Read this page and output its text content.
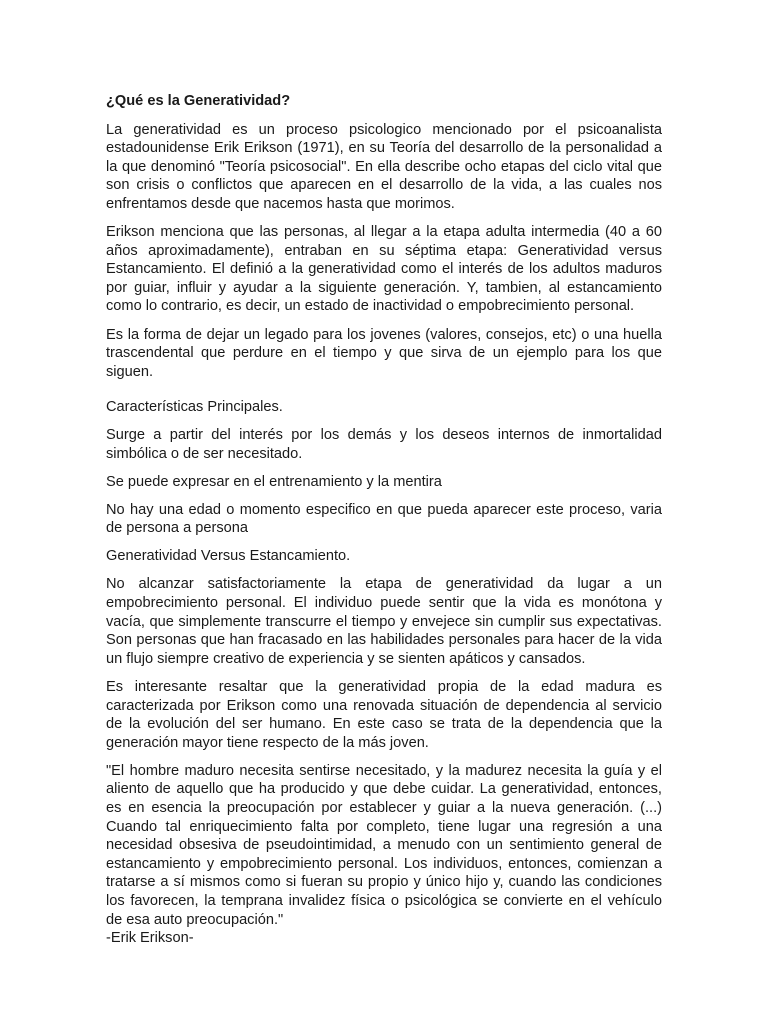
¿Qué es la Generatividad?

La generatividad es un proceso psicologico mencionado por el psicoanalista estadounidense Erik Erikson (1971), en su Teoría del desarrollo de la personalidad a la que denominó "Teoría psicosocial". En ella describe ocho etapas del ciclo vital que son crisis o conflictos que aparecen en el desarrollo de la vida, a las cuales nos enfrentamos desde que nacemos hasta que morimos.

Erikson menciona que las personas, al llegar a la etapa adulta intermedia (40 a 60 años aproximadamente), entraban en su séptima etapa: Generatividad versus Estancamiento. El definió a la generatividad como el interés de los adultos maduros por guiar, influir y ayudar a la siguiente generación. Y, tambien, al estancamiento como lo contrario, es decir, un estado de inactividad o empobrecimiento personal.

Es la forma de dejar un legado para los jovenes (valores, consejos, etc) o una huella trascendental que perdure en el tiempo y que sirva de un ejemplo para los que siguen.

Características Principales.

Surge a partir del interés por los demás y los deseos internos de inmortalidad simbólica o de ser necesitado.

Se puede expresar en el entrenamiento y la mentira

No hay una edad o momento especifico en que pueda aparecer este proceso, varia de persona a persona

Generatividad Versus Estancamiento.

No alcanzar satisfactoriamente la etapa de generatividad da lugar a un empobrecimiento personal. El individuo puede sentir que la vida es monótona y vacía, que simplemente transcurre el tiempo y envejece sin cumplir sus expectativas. Son personas que han fracasado en las habilidades personales para hacer de la vida un flujo siempre creativo de experiencia y se sienten apáticos y cansados.

Es interesante resaltar que la generatividad propia de la edad madura es caracterizada por Erikson como una renovada situación de dependencia al servicio de la evolución del ser humano. En este caso se trata de la dependencia que la generación mayor tiene respecto de la más joven.

"El hombre maduro necesita sentirse necesitado, y la madurez necesita la guía y el aliento de aquello que ha producido y que debe cuidar. La generatividad, entonces, es en esencia la preocupación por establecer y guiar a la nueva generación. (...) Cuando tal enriquecimiento falta por completo, tiene lugar una regresión a una necesidad obsesiva de pseudointimidad, a menudo con un sentimiento general de estancamiento y empobrecimiento personal. Los individuos, entonces, comienzan a tratarse a sí mismos como si fueran su propio y único hijo y, cuando las condiciones los favorecen, la temprana invalidez física o psicológica se convierte en el vehículo de esa auto preocupación."

-Erik Erikson-
